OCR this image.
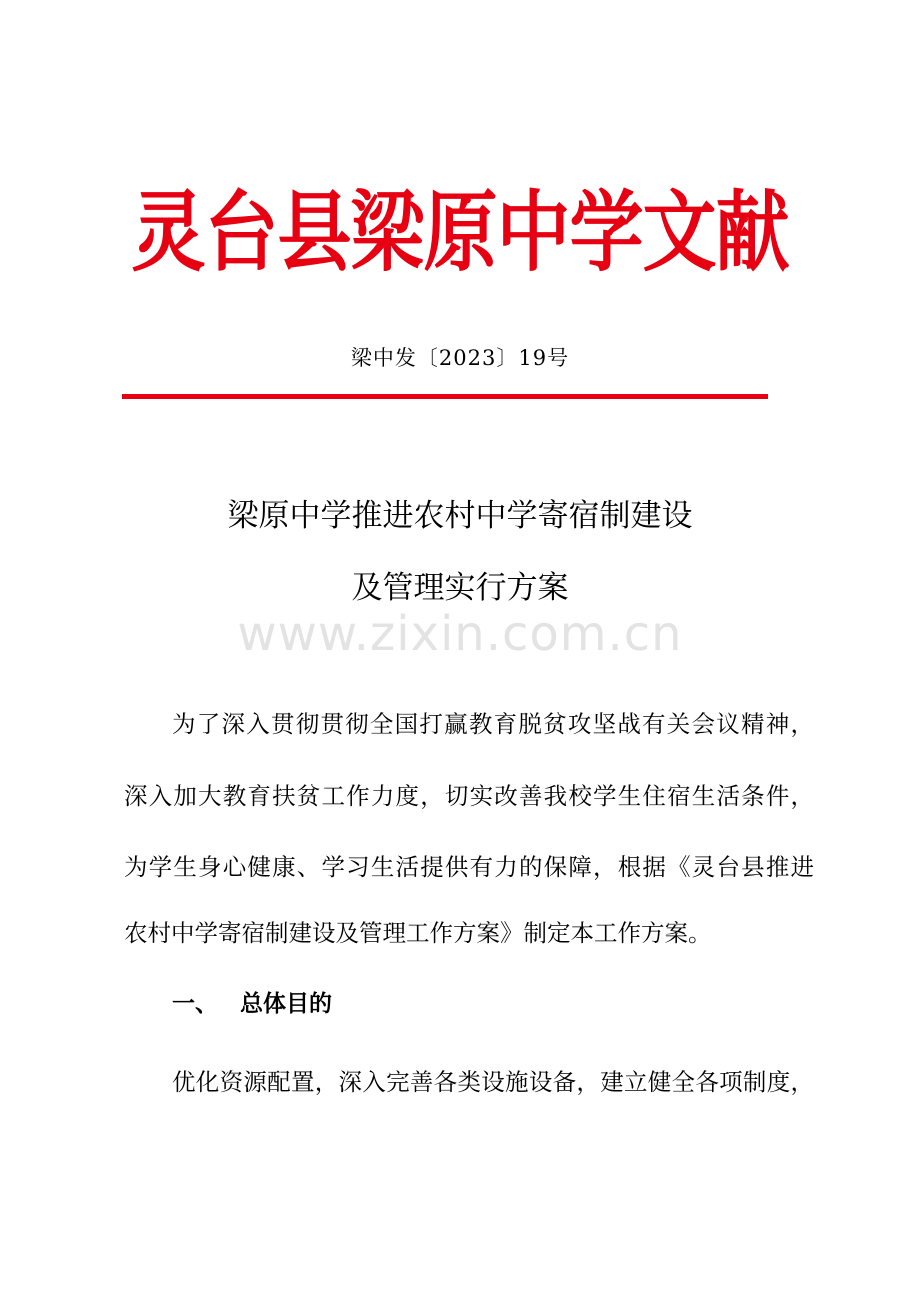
灵台县梁原中学文献
梁中发〔2023〕19号
梁原中学推进农村中学寄宿制建设
及管理实行方案
www.zixin.com.cn
为了深入贯彻贯彻全国打赢教育脱贫攻坚战有关会议精神，
深入加大教育扶贫工作力度，切实改善我校学生住宿生活条件，
为学生身心健康、学习生活提供有力的保障，根据《灵台县推进
农村中学寄宿制建设及管理工作方案》制定本工作方案。
一、 总体目的
优化资源配置，深入完善各类设施设备，建立健全各项制度，
